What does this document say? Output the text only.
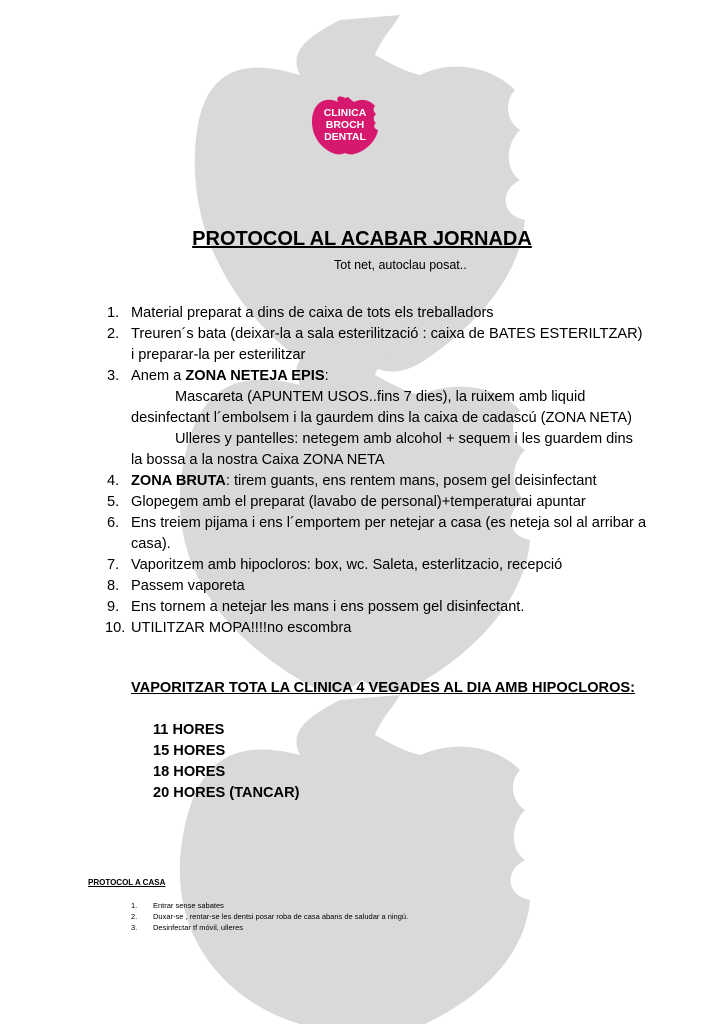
CLINICA
BROCH
DENTAL
PROTOCOL AL ACABAR JORNADA
Tot net, autoclau posat..
1. Material preparat a dins de caixa de tots els treballadors
2. Treuren´s bata (deixar-la a sala esterilització : caixa de BATES ESTERILTZAR) i preparar-la per esterilitzar
3. Anem a ZONA NETEJA EPIS:
Mascareta (APUNTEM USOS..fins 7 dies), la ruixem amb liquid desinfectant l´embolsem i la gaurdem dins la caixa de cadascú (ZONA NETA)
Ulleres y pantelles: netegem amb alcohol + sequem i les guardem dins la bossa a la nostra Caixa ZONA NETA
4. ZONA BRUTA: tirem guants, ens rentem mans, posem gel deisinfectant
5. Glopegem amb el preparat (lavabo de personal)+temperaturai apuntar
6. Ens treiem pijama i ens l´emportem per netejar a casa (es neteja sol al arribar a casa).
7. Vaporitzem amb hipocloros: box, wc. Saleta, esterlitzacio, recepció
8. Passem vaporeta
9. Ens tornem a netejar les mans i ens possem gel disinfectant.
10. UTILITZAR MOPA!!!!no escombra
VAPORITZAR TOTA LA CLINICA 4 VEGADES AL DIA AMB HIPOCLOROS:
11 HORES
15 HORES
18 HORES
20 HORES (TANCAR)
PROTOCOL A CASA
1. Entrar sense sabates
2. Duxar-se , rentar-se les dentsi posar roba de casa abans de saludar a ningú.
3. Desinfectar tf móvil, ulleres
